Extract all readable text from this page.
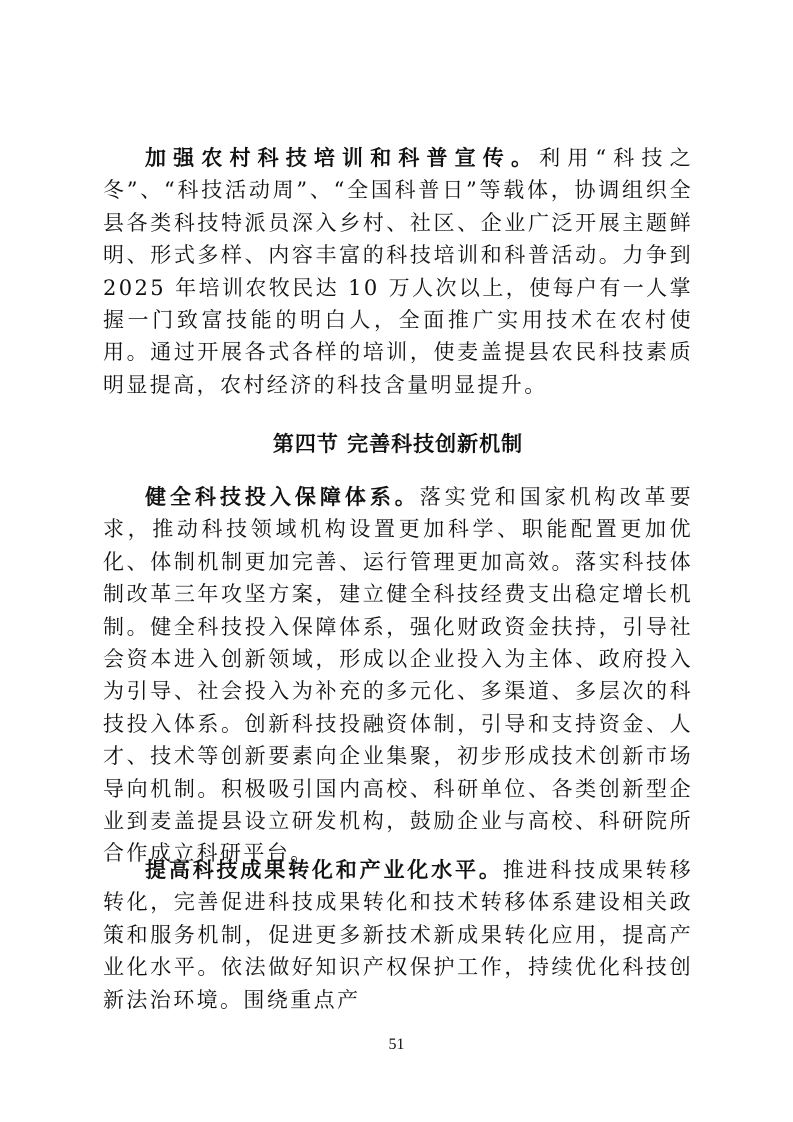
加强农村科技培训和科普宣传。利用“科技之冬”、“科技活动周”、“全国科普日”等载体，协调组织全县各类科技特派员深入乡村、社区、企业广泛开展主题鲜明、形式多样、内容丰富的科技培训和科普活动。力争到 2025 年培训农牧民达 10 万人次以上，使每户有一人掌握一门致富技能的明白人，全面推广实用技术在农村使用。通过开展各式各样的培训，使麦盖提县农民科技素质明显提高，农村经济的科技含量明显提升。

第四节 完善科技创新机制

健全科技投入保障体系。落实党和国家机构改革要求，推动科技领域机构设置更加科学、职能配置更加优化、体制机制更加完善、运行管理更加高效。落实科技体制改革三年攻坚方案，建立健全科技经费支出稳定增长机制。健全科技投入保障体系，强化财政资金扶持，引导社会资本进入创新领域，形成以企业投入为主体、政府投入为引导、社会投入为补充的多元化、多渠道、多层次的科技投入体系。创新科技投融资体制，引导和支持资金、人才、技术等创新要素向企业集聚，初步形成技术创新市场导向机制。积极吸引国内高校、科研单位、各类创新型企业到麦盖提县设立研发机构，鼓励企业与高校、科研院所合作成立科研平台。

提高科技成果转化和产业化水平。推进科技成果转移转化，完善促进科技成果转化和技术转移体系建设相关政策和服务机制，促进更多新技术新成果转化应用，提高产业化水平。依法做好知识产权保护工作，持续优化科技创新法治环境。围绕重点产

51
